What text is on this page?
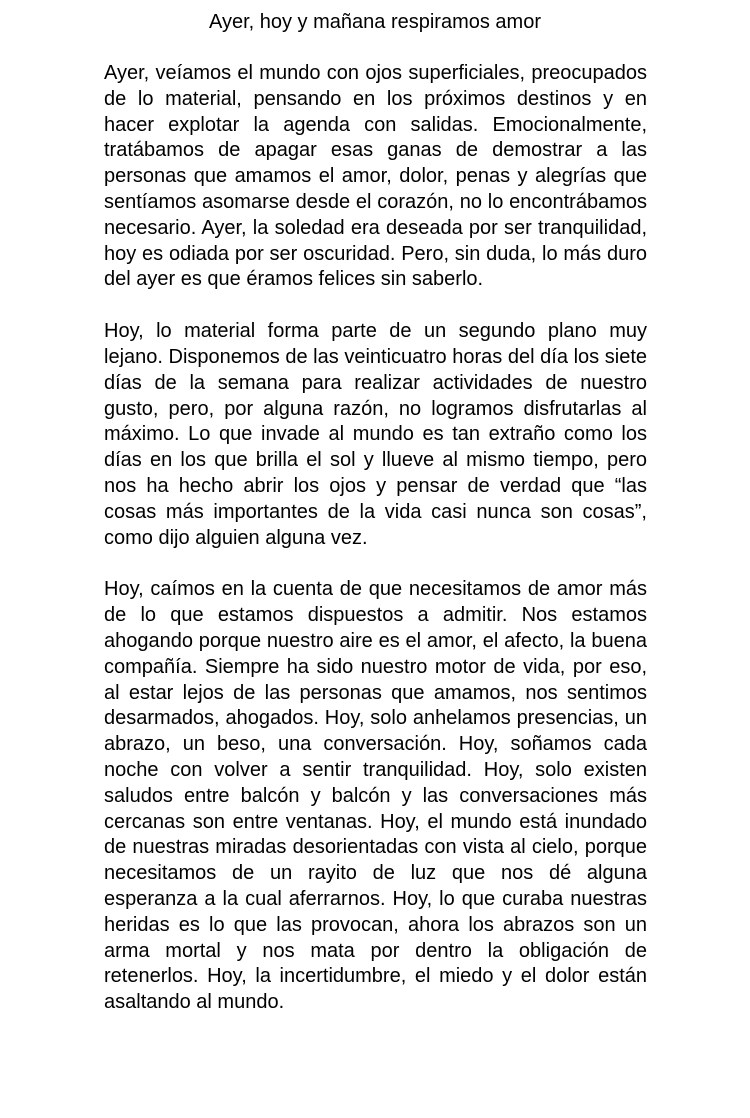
Ayer, hoy y mañana respiramos amor

Ayer, veíamos el mundo con ojos superficiales, preocupados de lo material, pensando en los próximos destinos y en hacer explotar la agenda con salidas. Emocionalmente, tratábamos de apagar esas ganas de demostrar a las personas que amamos el amor, dolor, penas y alegrías que sentíamos asomarse desde el corazón, no lo encontrábamos necesario. Ayer, la soledad era deseada por ser tranquilidad, hoy es odiada por ser oscuridad. Pero, sin duda, lo más duro del ayer es que éramos felices sin saberlo.

Hoy, lo material forma parte de un segundo plano muy lejano. Disponemos de las veinticuatro horas del día los siete días de la semana para realizar actividades de nuestro gusto, pero, por alguna razón, no logramos disfrutarlas al máximo. Lo que invade al mundo es tan extraño como los días en los que brilla el sol y llueve al mismo tiempo, pero nos ha hecho abrir los ojos y pensar de verdad que “las cosas más importantes de la vida casi nunca son cosas”, como dijo alguien alguna vez.

Hoy, caímos en la cuenta de que necesitamos de amor más de lo que estamos dispuestos a admitir. Nos estamos ahogando porque nuestro aire es el amor, el afecto, la buena compañía. Siempre ha sido nuestro motor de vida, por eso, al estar lejos de las personas que amamos, nos sentimos desarmados, ahogados. Hoy, solo anhelamos presencias, un abrazo, un beso, una conversación. Hoy, soñamos cada noche con volver a sentir tranquilidad. Hoy, solo existen saludos entre balcón y balcón y las conversaciones más cercanas son entre ventanas. Hoy, el mundo está inundado de nuestras miradas desorientadas con vista al cielo, porque necesitamos de un rayito de luz que nos dé alguna esperanza a la cual aferrarnos. Hoy, lo que curaba nuestras heridas es lo que las provocan, ahora los abrazos son un arma mortal y nos mata por dentro la obligación de retenerlos. Hoy, la incertidumbre, el miedo y el dolor están asaltando al mundo.
